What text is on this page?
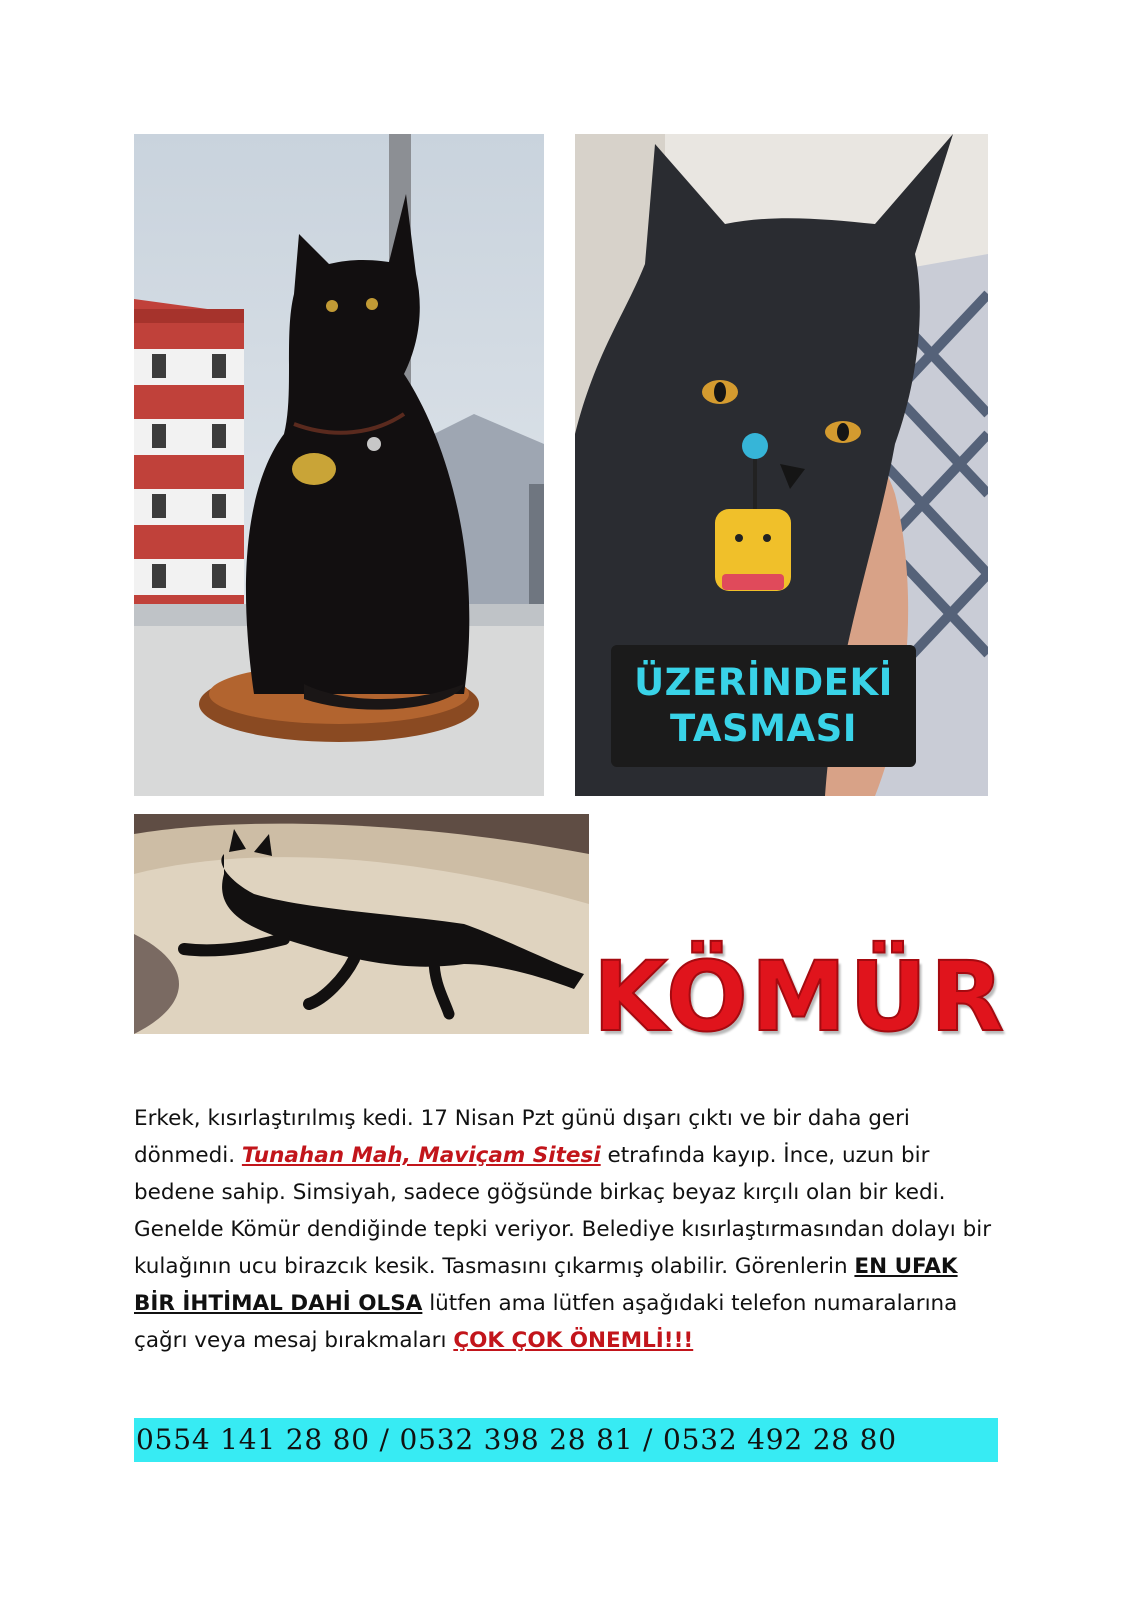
ÜZERİNDEKİ
TASMASI
KÖMÜR
Erkek, kısırlaştırılmış kedi. 17 Nisan Pzt günü dışarı çıktı ve bir daha geri dönmedi. Tunahan Mah, Maviçam Sitesi etrafında kayıp. İnce, uzun bir bedene sahip. Simsiyah, sadece göğsünde birkaç beyaz kırçılı olan bir kedi. Genelde Kömür dendiğinde tepki veriyor. Belediye kısırlaştırmasından dolayı bir kulağının ucu birazcık kesik. Tasmasını çıkarmış olabilir. Görenlerin EN UFAK BİR İHTİMAL DAHİ OLSA lütfen ama lütfen aşağıdaki telefon numaralarına çağrı veya mesaj bırakmaları ÇOK ÇOK ÖNEMLİ!!!
0554 141 28 80 / 0532 398 28 81 / 0532 492 28 80
